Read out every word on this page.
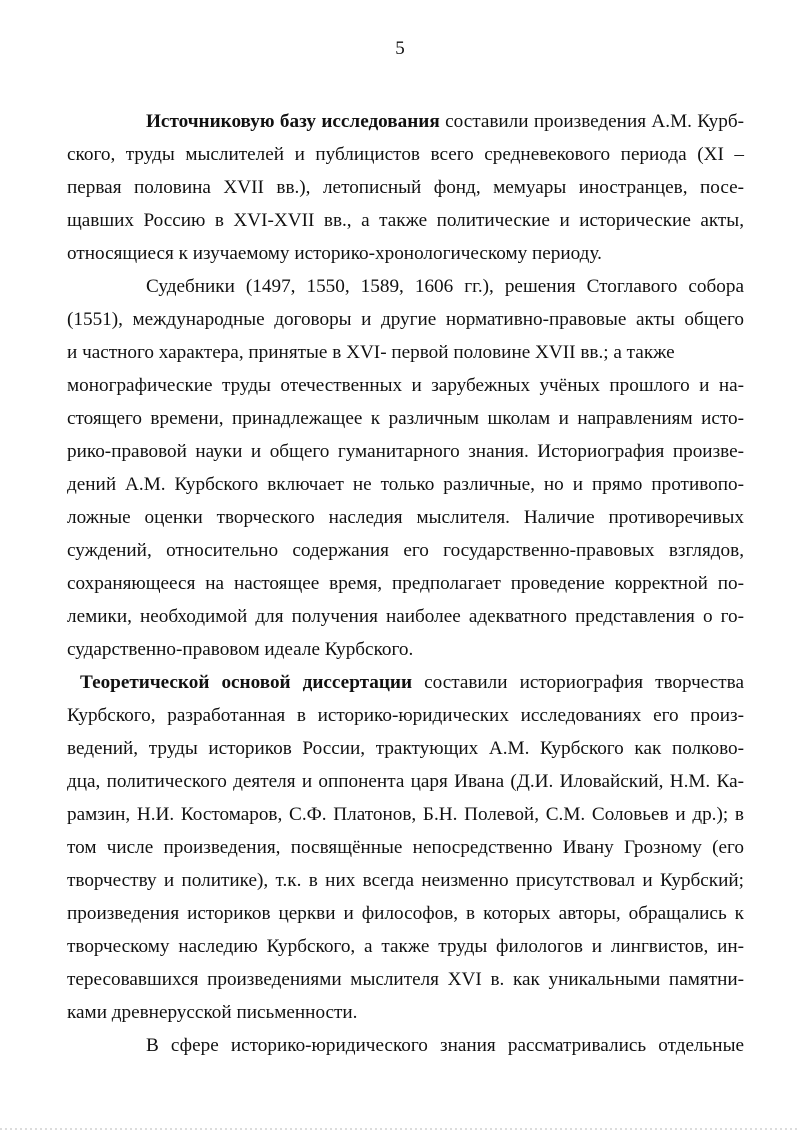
5
Источниковую базу исследования составили произведения А.М. Курб-
ского, труды мыслителей и публицистов всего средневекового периода (XI –
первая половина XVII вв.), летописный фонд, мемуары иностранцев, посе-
щавших Россию в XVI-XVII вв., а также политические и исторические акты,
относящиеся к изучаемому историко-хронологическому периоду.
Судебники (1497, 1550, 1589, 1606 гг.), решения Стоглавого собора
(1551), международные договоры и другие нормативно-правовые акты общего
и частного характера, принятые в XVI- первой половине XVII вв.; а также
монографические труды отечественных и зарубежных учёных прошлого и на-
стоящего времени, принадлежащее к различным школам и направлениям исто-
рико-правовой науки и общего гуманитарного знания. Историография произве-
дений А.М. Курбского включает не только различные, но и прямо противопо-
ложные оценки творческого наследия мыслителя. Наличие противоречивых
суждений, относительно содержания его государственно-правовых взглядов,
сохраняющееся на настоящее время, предполагает проведение корректной по-
лемики, необходимой для получения наиболее адекватного представления о го-
сударственно-правовом идеале Курбского.
Теоретической основой диссертации составили историография творчества
Курбского, разработанная в историко-юридических исследованиях его произ-
ведений, труды историков России, трактующих А.М. Курбского как полково-
дца, политического деятеля и оппонента царя Ивана (Д.И. Иловайский, Н.М. Ка-
рамзин, Н.И. Костомаров, С.Ф. Платонов, Б.Н. Полевой, С.М. Соловьев и др.); в
том числе произведения, посвящённые непосредственно Ивану Грозному (его
творчеству и политике), т.к. в них всегда неизменно присутствовал и Курбский;
произведения историков церкви и философов, в которых авторы, обращались к
творческому наследию Курбского, а также труды филологов и лингвистов, ин-
тересовавшихся произведениями мыслителя XVI в. как уникальными памятни-
ками древнерусской письменности.
В сфере историко-юридического знания рассматривались отдельные
